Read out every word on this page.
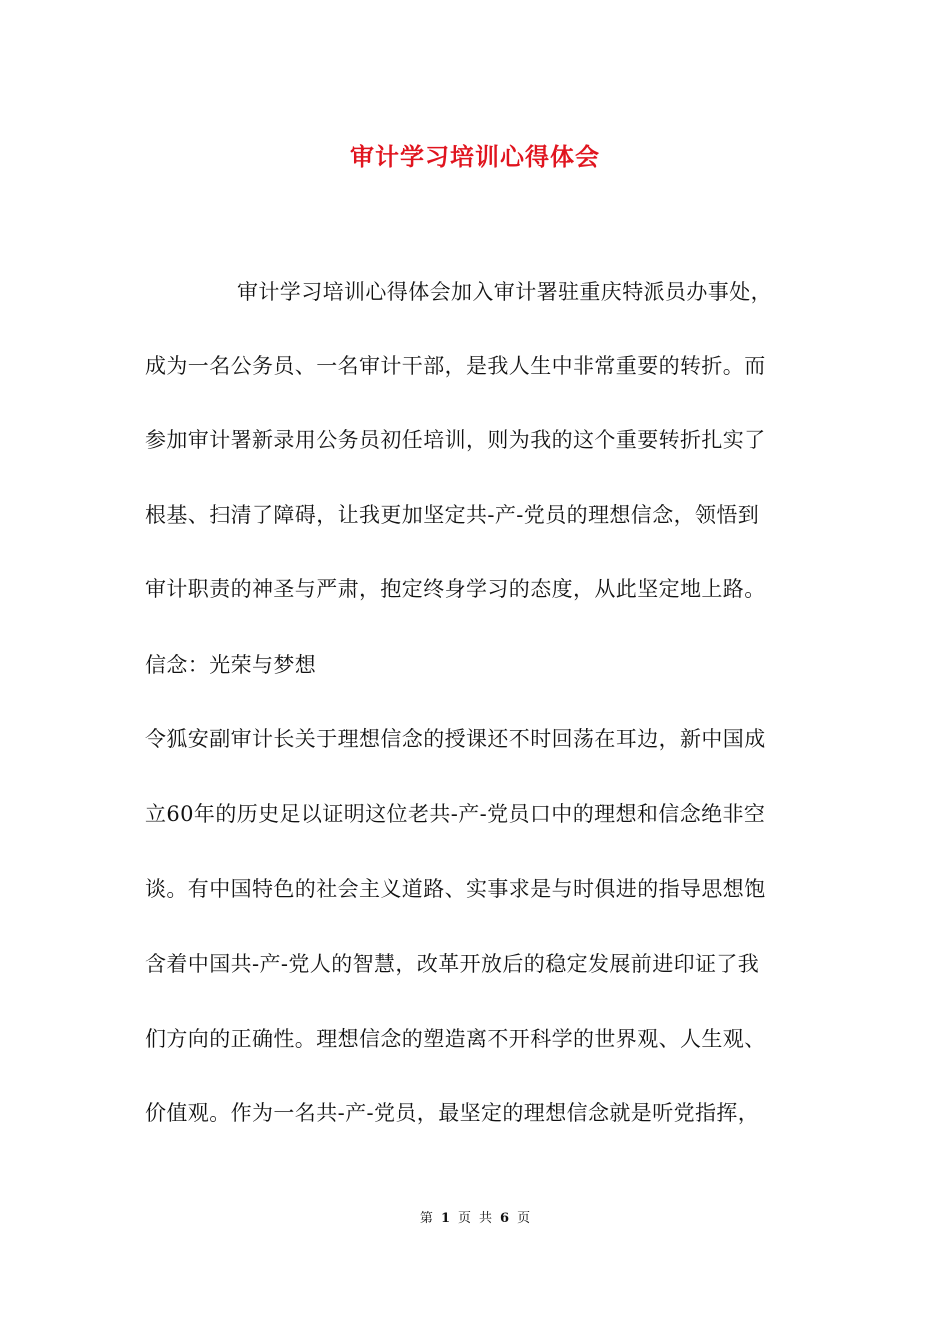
审计学习培训心得体会
审计学习培训心得体会加入审计署驻重庆特派员办事处，
成为一名公务员、一名审计干部，是我人生中非常重要的转折。而
参加审计署新录用公务员初任培训，则为我的这个重要转折扎实了
根基、扫清了障碍，让我更加坚定共-产-党员的理想信念，领悟到
审计职责的神圣与严肃，抱定终身学习的态度，从此坚定地上路。
信念：光荣与梦想
令狐安副审计长关于理想信念的授课还不时回荡在耳边，新中国成
立60年的历史足以证明这位老共-产-党员口中的理想和信念绝非空
谈。有中国特色的社会主义道路、实事求是与时俱进的指导思想饱
含着中国共-产-党人的智慧，改革开放后的稳定发展前进印证了我
们方向的正确性。理想信念的塑造离不开科学的世界观、人生观、
价值观。作为一名共-产-党员，最坚定的理想信念就是听党指挥，
第 1 页 共 6 页
